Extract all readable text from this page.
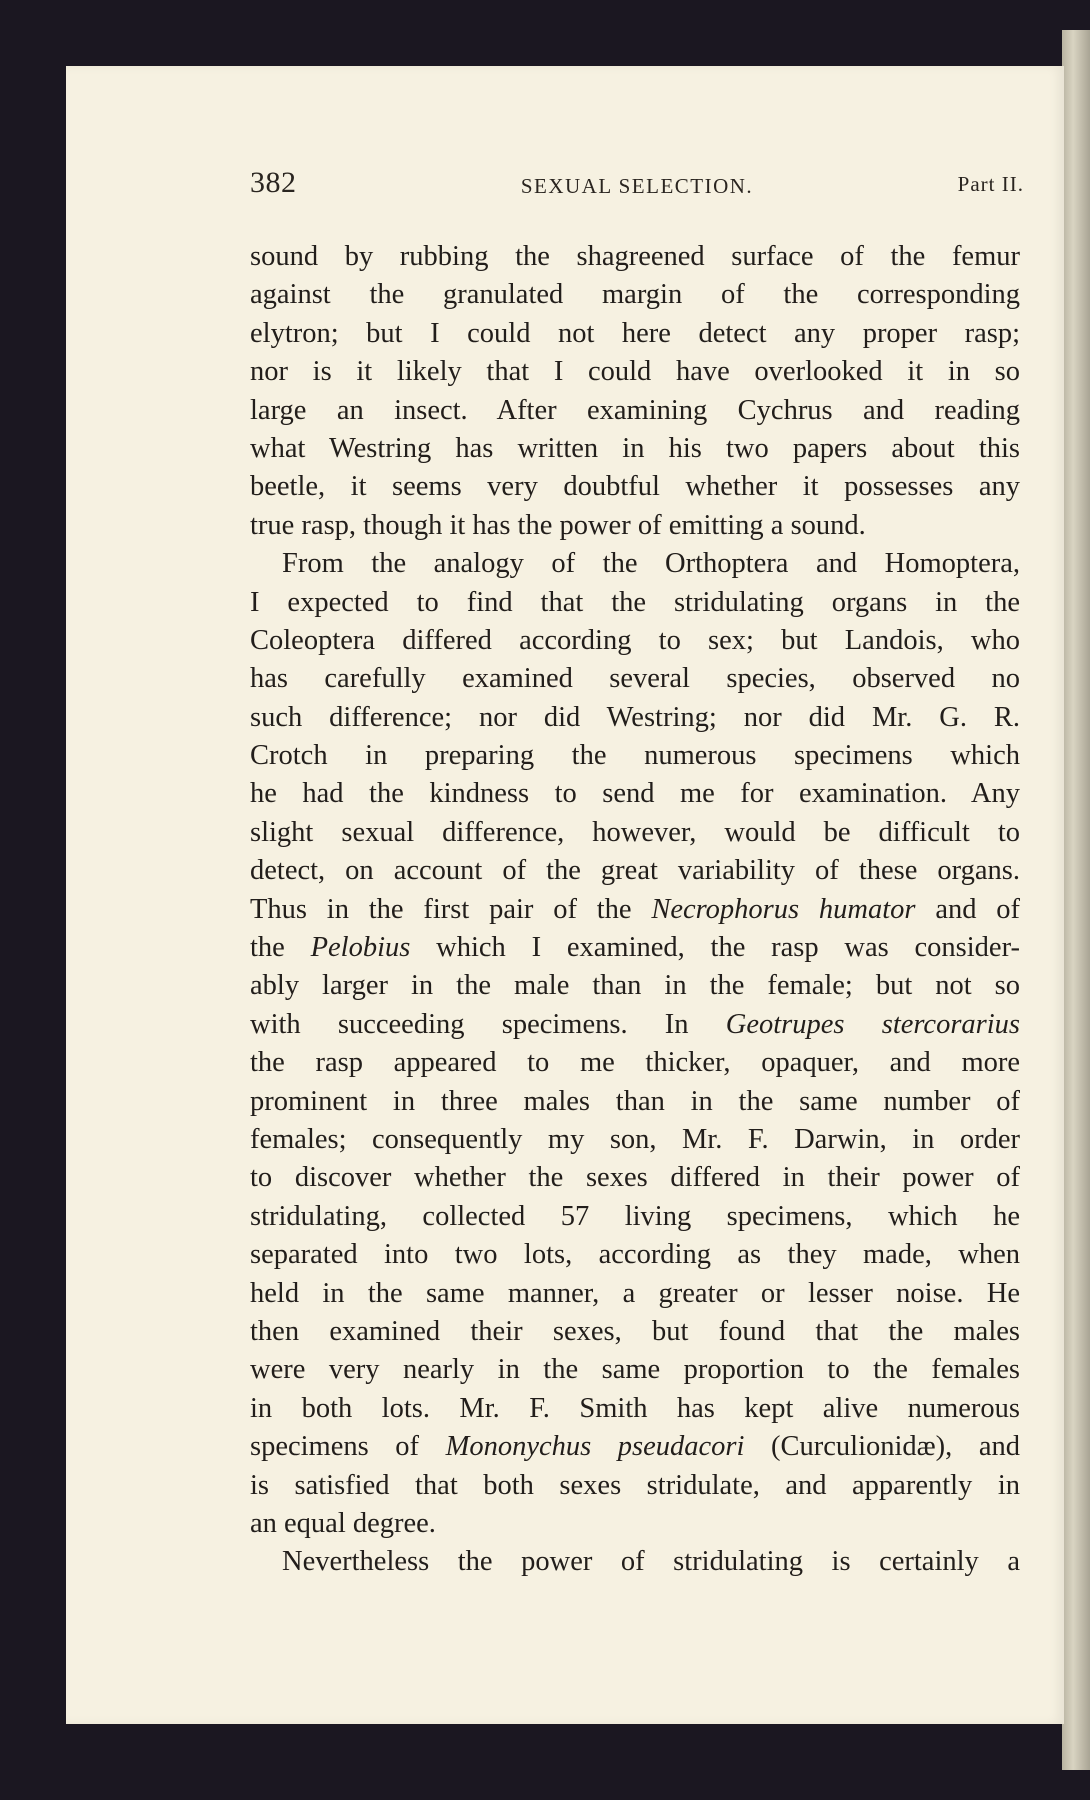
382	SEXUAL SELECTION.	Part II.
sound by rubbing the shagreened surface of the femur
against the granulated margin of the corresponding
elytron; but I could not here detect any proper rasp;
nor is it likely that I could have overlooked it in so
large an insect. After examining Cychrus and reading
what Westring has written in his two papers about this
beetle, it seems very doubtful whether it possesses any
true rasp, though it has the power of emitting a sound.
From the analogy of the Orthoptera and Homoptera,
I expected to find that the stridulating organs in the
Coleoptera differed according to sex; but Landois, who
has carefully examined several species, observed no
such difference; nor did Westring; nor did Mr. G. R.
Crotch in preparing the numerous specimens which
he had the kindness to send me for examination. Any
slight sexual difference, however, would be difficult to
detect, on account of the great variability of these organs.
Thus in the first pair of the Necrophorus humator and of
the Pelobius which I examined, the rasp was consider-
ably larger in the male than in the female; but not so
with succeeding specimens. In Geotrupes stercorarius
the rasp appeared to me thicker, opaquer, and more
prominent in three males than in the same number of
females; consequently my son, Mr. F. Darwin, in order
to discover whether the sexes differed in their power of
stridulating, collected 57 living specimens, which he
separated into two lots, according as they made, when
held in the same manner, a greater or lesser noise. He
then examined their sexes, but found that the males
were very nearly in the same proportion to the females
in both lots. Mr. F. Smith has kept alive numerous
specimens of Mononychus pseudacori (Curculionidæ), and
is satisfied that both sexes stridulate, and apparently in
an equal degree.
Nevertheless the power of stridulating is certainly a
